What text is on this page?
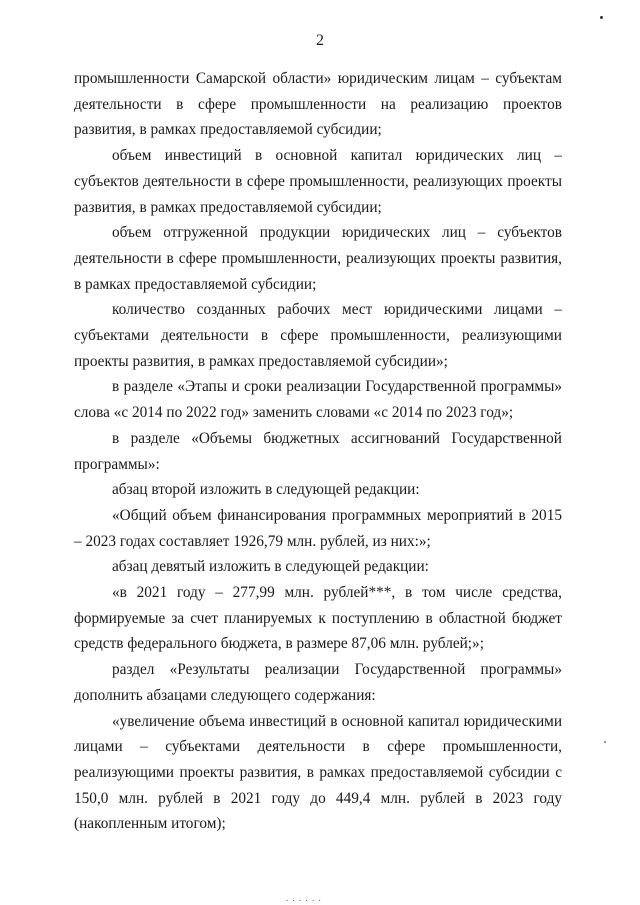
2

промышленности Самарской области» юридическим лицам – субъектам деятельности в сфере промышленности на реализацию проектов развития, в рамках предоставляемой субсидии;

объем инвестиций в основной капитал юридических лиц – субъектов деятельности в сфере промышленности, реализующих проекты развития, в рамках предоставляемой субсидии;

объем отгруженной продукции юридических лиц – субъектов деятельности в сфере промышленности, реализующих проекты развития, в рамках предоставляемой субсидии;

количество созданных рабочих мест юридическими лицами – субъектами деятельности в сфере промышленности, реализующими проекты развития, в рамках предоставляемой субсидии»;

в разделе «Этапы и сроки реализации Государственной программы» слова «с 2014 по 2022 год» заменить словами «с 2014 по 2023 год»;

в разделе «Объемы бюджетных ассигнований Государственной программы»:

абзац второй изложить в следующей редакции:

«Общий объем финансирования программных мероприятий в 2015 – 2023 годах составляет 1926,79 млн. рублей, из них:»;

абзац девятый изложить в следующей редакции:

«в 2021 году – 277,99 млн. рублей***, в том числе средства, формируемые за счет планируемых к поступлению в областной бюджет средств федерального бюджета, в размере 87,06 млн. рублей;»;

раздел «Результаты реализации Государственной программы» дополнить абзацами следующего содержания:

«увеличение объема инвестиций в основной капитал юридическими лицами – субъектами деятельности в сфере промышленности, реализующими проекты развития, в рамках предоставляемой субсидии с 150,0 млн. рублей в 2021 году до 449,4 млн. рублей в 2023 году (накопленным итогом);

. . . . . .
